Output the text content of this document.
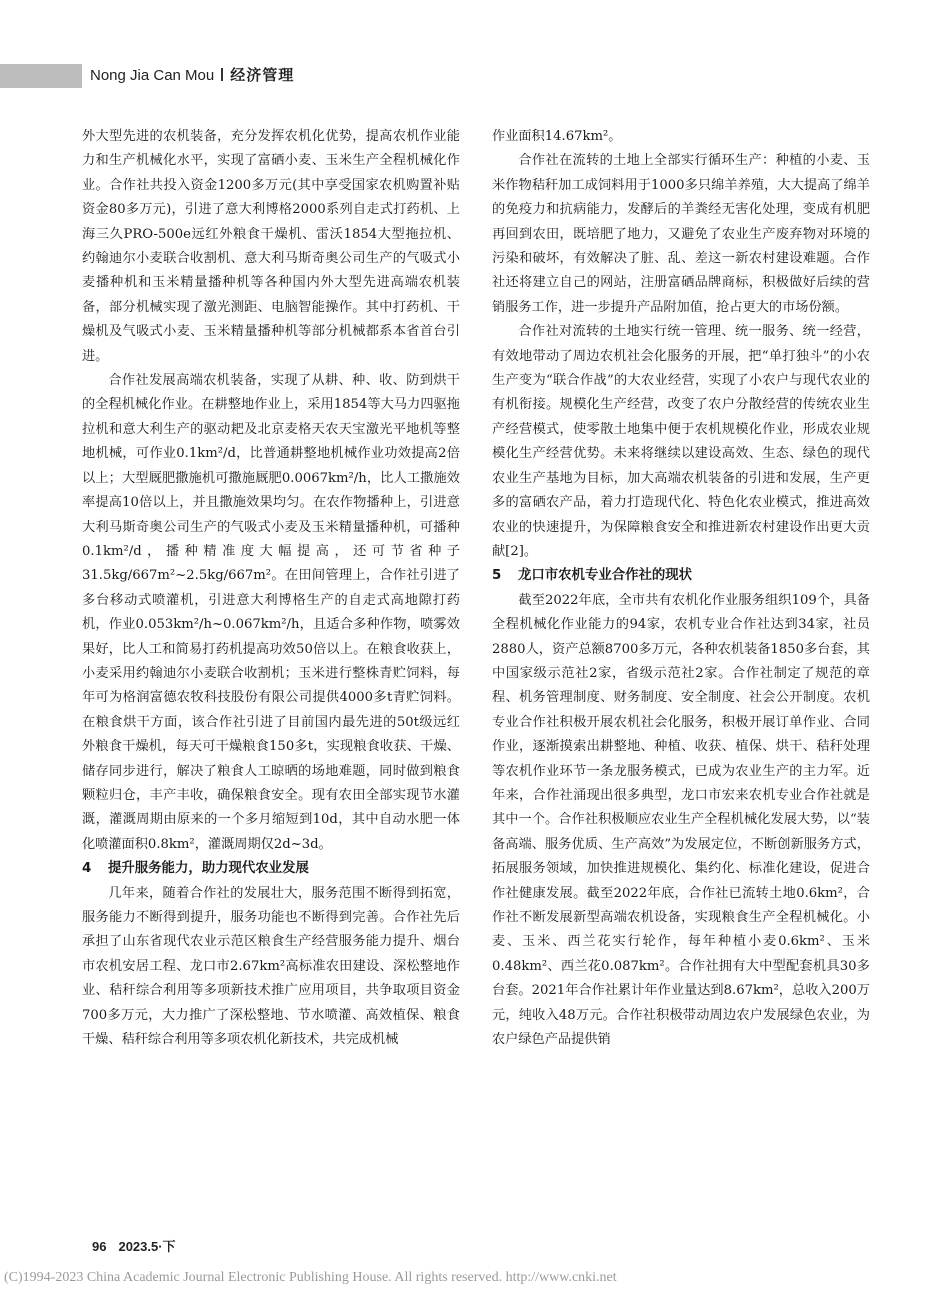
Nong Jia Can Mou 经济管理

外大型先进的农机装备，充分发挥农机化优势，提高农机作业能力和生产机械化水平，实现了富硒小麦、玉米生产全程机械化作业。合作社共投入资金1200多万元(其中享受国家农机购置补贴资金80多万元)，引进了意大利博格2000系列自走式打药机、上海三久PRO-500e远红外粮食干燥机、雷沃1854大型拖拉机、约翰迪尔小麦联合收割机、意大利马斯奇奥公司生产的气吸式小麦播种机和玉米精量播种机等各种国内外大型先进高端农机装备，部分机械实现了激光测距、电脑智能操作。其中打药机、干燥机及气吸式小麦、玉米精量播种机等部分机械都系本省首台引进。

合作社发展高端农机装备，实现了从耕、种、收、防到烘干的全程机械化作业。在耕整地作业上，采用1854等大马力四驱拖拉机和意大利生产的驱动耙及北京麦格天农天宝激光平地机等整地机械，可作业0.1km²/d，比普通耕整地机械作业功效提高2倍以上；大型厩肥撒施机可撒施厩肥0.0067km²/h，比人工撒施效率提高10倍以上，并且撒施效果均匀。在农作物播种上，引进意大利马斯奇奥公司生产的气吸式小麦及玉米精量播种机，可播种0.1km²/d，播种精准度大幅提高，还可节省种子31.5kg/667m²~2.5kg/667m²。在田间管理上，合作社引进了多台移动式喷灌机，引进意大利博格生产的自走式高地隙打药机，作业0.053km²/h~0.067km²/h，且适合多种作物，喷雾效果好，比人工和简易打药机提高功效50倍以上。在粮食收获上，小麦采用约翰迪尔小麦联合收割机；玉米进行整株青贮饲料，每年可为格润富德农牧科技股份有限公司提供4000多t青贮饲料。在粮食烘干方面，该合作社引进了目前国内最先进的50t级远红外粮食干燥机，每天可干燥粮食150多t，实现粮食收获、干燥、储存同步进行，解决了粮食人工晾晒的场地难题，同时做到粮食颗粒归仓，丰产丰收，确保粮食安全。现有农田全部实现节水灌溉，灌溉周期由原来的一个多月缩短到10d，其中自动水肥一体化喷灌面积0.8km²，灌溉周期仅2d~3d。

4 提升服务能力，助力现代农业发展

几年来，随着合作社的发展壮大，服务范围不断得到拓宽，服务能力不断得到提升，服务功能也不断得到完善。合作社先后承担了山东省现代农业示范区粮食生产经营服务能力提升、烟台市农机安居工程、龙口市2.67km²高标准农田建设、深松整地作业、秸秆综合利用等多项新技术推广应用项目，共争取项目资金700多万元，大力推广了深松整地、节水喷灌、高效植保、粮食干燥、秸秆综合利用等多项农机化新技术，共完成机械

作业面积14.67km²。

合作社在流转的土地上全部实行循环生产：种植的小麦、玉米作物秸秆加工成饲料用于1000多只绵羊养殖，大大提高了绵羊的免疫力和抗病能力，发酵后的羊粪经无害化处理，变成有机肥再回到农田，既培肥了地力，又避免了农业生产废弃物对环境的污染和破坏，有效解决了脏、乱、差这一新农村建设难题。合作社还将建立自己的网站，注册富硒品牌商标，积极做好后续的营销服务工作，进一步提升产品附加值，抢占更大的市场份额。

合作社对流转的土地实行统一管理、统一服务、统一经营，有效地带动了周边农机社会化服务的开展，把“单打独斗”的小农生产变为“联合作战”的大农业经营，实现了小农户与现代农业的有机衔接。规模化生产经营，改变了农户分散经营的传统农业生产经营模式，使零散土地集中便于农机规模化作业，形成农业规模化生产经营优势。未来将继续以建设高效、生态、绿色的现代农业生产基地为目标，加大高端农机装备的引进和发展，生产更多的富硒农产品，着力打造现代化、特色化农业模式，推进高效农业的快速提升，为保障粮食安全和推进新农村建设作出更大贡献[2]。

5 龙口市农机专业合作社的现状

截至2022年底，全市共有农机化作业服务组织109个，具备全程机械化作业能力的94家，农机专业合作社达到34家，社员2880人，资产总额8700多万元，各种农机装备1850多台套，其中国家级示范社2家，省级示范社2家。合作社制定了规范的章程、机务管理制度、财务制度、安全制度、社会公开制度。农机专业合作社积极开展农机社会化服务，积极开展订单作业、合同作业，逐渐摸索出耕整地、种植、收获、植保、烘干、秸秆处理等农机作业环节一条龙服务模式，已成为农业生产的主力军。近年来，合作社涌现出很多典型，龙口市宏来农机专业合作社就是其中一个。合作社积极顺应农业生产全程机械化发展大势，以“装备高端、服务优质、生产高效”为发展定位，不断创新服务方式，拓展服务领域，加快推进规模化、集约化、标准化建设，促进合作社健康发展。截至2022年底，合作社已流转土地0.6km²，合作社不断发展新型高端农机设备，实现粮食生产全程机械化。小麦、玉米、西兰花实行轮作，每年种植小麦0.6km²、玉米0.48km²、西兰花0.087km²。合作社拥有大中型配套机具30多台套。2021年合作社累计年作业量达到8.67km²，总收入200万元，纯收入48万元。合作社积极带动周边农户发展绿色农业，为农户绿色产品提供销

96 2023.5·下
(C)1994-2023 China Academic Journal Electronic Publishing House. All rights reserved. http://www.cnki.net
